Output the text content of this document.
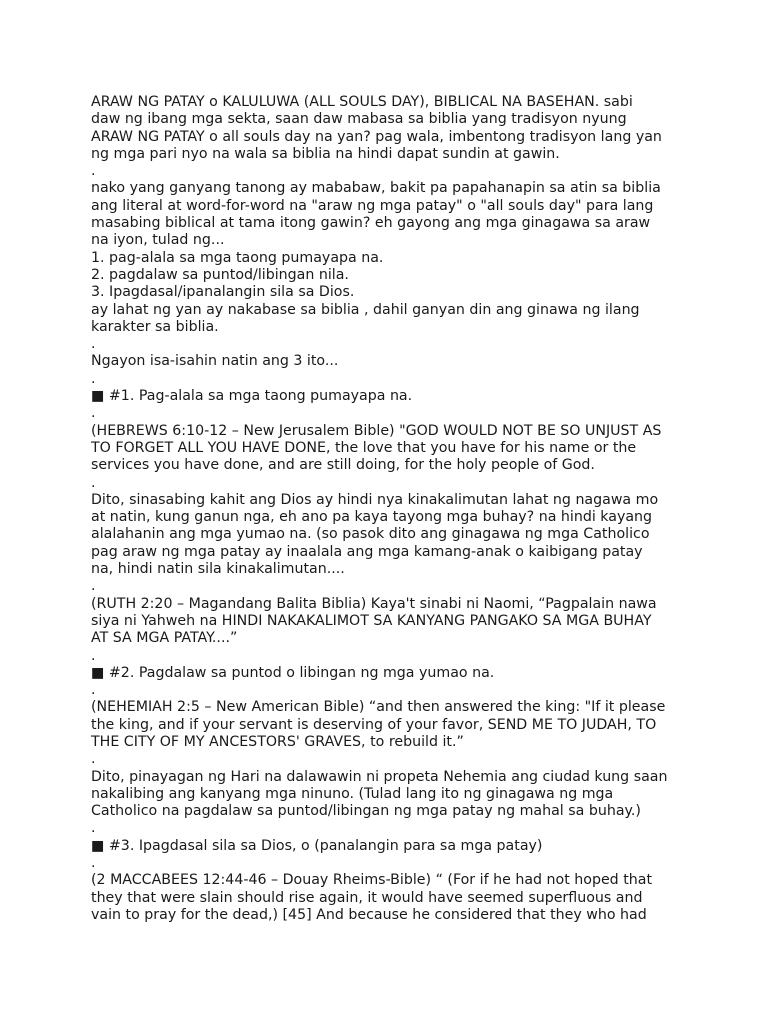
ARAW NG PATAY o KALULUWA (ALL SOULS DAY), BIBLICAL NA BASEHAN. sabi
daw ng ibang mga sekta, saan daw mabasa sa biblia yang tradisyon nyung
ARAW NG PATAY o all souls day na yan? pag wala, imbentong tradisyon lang yan
ng mga pari nyo na wala sa biblia na hindi dapat sundin at gawin.
.
nako yang ganyang tanong ay mababaw, bakit pa papahanapin sa atin sa biblia
ang literal at word-for-word na "araw ng mga patay" o "all souls day" para lang
masabing biblical at tama itong gawin? eh gayong ang mga ginagawa sa araw
na iyon, tulad ng...
1. pag-alala sa mga taong pumayapa na.
2. pagdalaw sa puntod/libingan nila.
3. Ipagdasal/ipanalangin sila sa Dios.
ay lahat ng yan ay nakabase sa biblia , dahil ganyan din ang ginawa ng ilang
karakter sa biblia.
.
Ngayon isa-isahin natin ang 3 ito...
.
■ #1. Pag-alala sa mga taong pumayapa na.
.
(HEBREWS 6:10-12 – New Jerusalem Bible) "GOD WOULD NOT BE SO UNJUST AS
TO FORGET ALL YOU HAVE DONE, the love that you have for his name or the
services you have done, and are still doing, for the holy people of God.
.
Dito, sinasabing kahit ang Dios ay hindi nya kinakalimutan lahat ng nagawa mo
at natin, kung ganun nga, eh ano pa kaya tayong mga buhay? na hindi kayang
alalahanin ang mga yumao na. (so pasok dito ang ginagawa ng mga Catholico
pag araw ng mga patay ay inaalala ang mga kamang-anak o kaibigang patay
na, hindi natin sila kinakalimutan....
.
(RUTH 2:20 – Magandang Balita Biblia) Kaya't sinabi ni Naomi, “Pagpalain nawa
siya ni Yahweh na HINDI NAKAKALIMOT SA KANYANG PANGAKO SA MGA BUHAY
AT SA MGA PATAY....”
.
■ #2. Pagdalaw sa puntod o libingan ng mga yumao na.
.
(NEHEMIAH 2:5 – New American Bible) “and then answered the king: "If it please
the king, and if your servant is deserving of your favor, SEND ME TO JUDAH, TO
THE CITY OF MY ANCESTORS' GRAVES, to rebuild it.”
.
Dito, pinayagan ng Hari na dalawawin ni propeta Nehemia ang ciudad kung saan
nakalibing ang kanyang mga ninuno. (Tulad lang ito ng ginagawa ng mga
Catholico na pagdalaw sa puntod/libingan ng mga patay ng mahal sa buhay.)
.
■ #3. Ipagdasal sila sa Dios, o (panalangin para sa mga patay)
.
(2 MACCABEES 12:44-46 – Douay Rheims-Bible) “ (For if he had not hoped that
they that were slain should rise again, it would have seemed superfluous and
vain to pray for the dead,) [45] And because he considered that they who had
